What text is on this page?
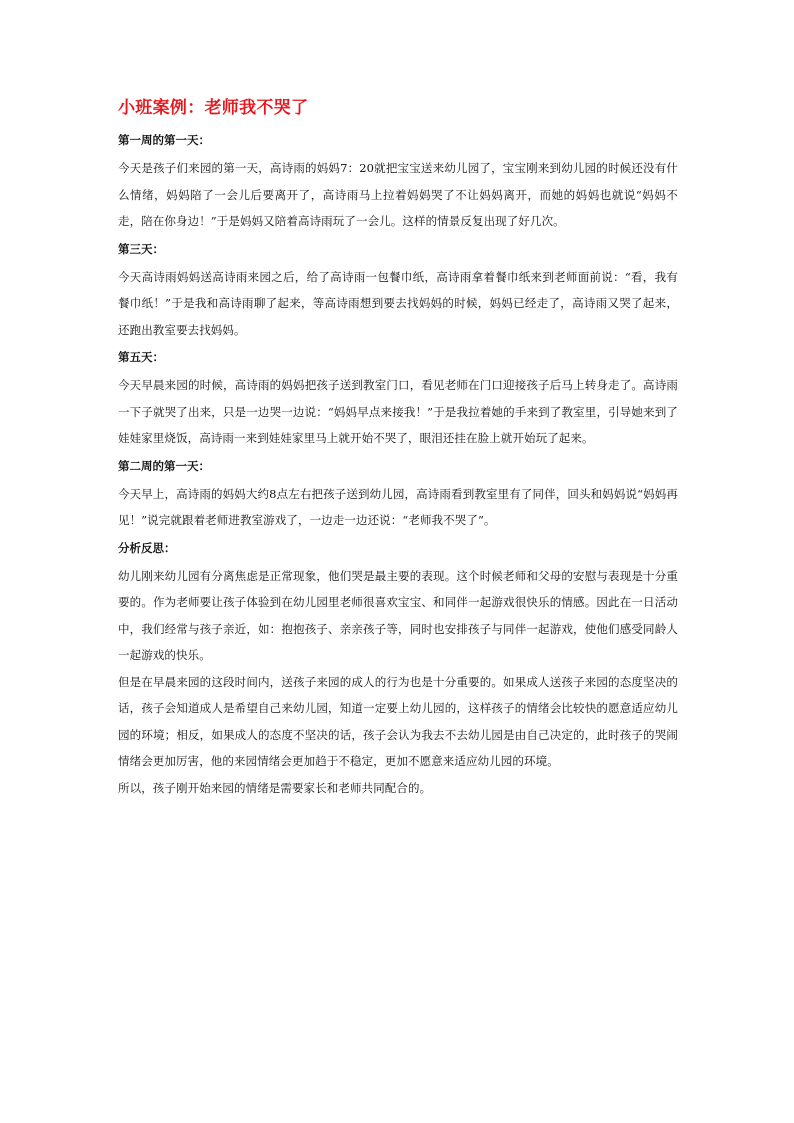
小班案例：老师我不哭了
第一周的第一天：

今天是孩子们来园的第一天，高诗雨的妈妈7：20就把宝宝送来幼儿园了，宝宝刚来到幼儿园的时候还没有什么情绪，妈妈陪了一会儿后要离开了，高诗雨马上拉着妈妈哭了不让妈妈离开，而她的妈妈也就说“妈妈不走，陪在你身边！”于是妈妈又陪着高诗雨玩了一会儿。这样的情景反复出现了好几次。

第三天：

今天高诗雨妈妈送高诗雨来园之后，给了高诗雨一包餐巾纸，高诗雨拿着餐巾纸来到老师面前说：“看，我有餐巾纸！”于是我和高诗雨聊了起来，等高诗雨想到要去找妈妈的时候，妈妈已经走了，高诗雨又哭了起来，还跑出教室要去找妈妈。

第五天：

今天早晨来园的时候，高诗雨的妈妈把孩子送到教室门口，看见老师在门口迎接孩子后马上转身走了。高诗雨一下子就哭了出来，只是一边哭一边说：“妈妈早点来接我！”于是我拉着她的手来到了教室里，引导她来到了娃娃家里烧饭，高诗雨一来到娃娃家里马上就开始不哭了，眼泪还挂在脸上就开始玩了起来。

第二周的第一天：

今天早上，高诗雨的妈妈大约8点左右把孩子送到幼儿园，高诗雨看到教室里有了同伴，回头和妈妈说“妈妈再见！”说完就跟着老师进教室游戏了，一边走一边还说：“老师我不哭了”。

分析反思：

幼儿刚来幼儿园有分离焦虑是正常现象，他们哭是最主要的表现。这个时候老师和父母的安慰与表现是十分重要的。作为老师要让孩子体验到在幼儿园里老师很喜欢宝宝、和同伴一起游戏很快乐的情感。因此在一日活动中，我们经常与孩子亲近，如：抱抱孩子、亲亲孩子等，同时也安排孩子与同伴一起游戏，使他们感受同龄人一起游戏的快乐。

但是在早晨来园的这段时间内，送孩子来园的成人的行为也是十分重要的。如果成人送孩子来园的态度坚决的话，孩子会知道成人是希望自己来幼儿园，知道一定要上幼儿园的，这样孩子的情绪会比较快的愿意适应幼儿园的环境；相反，如果成人的态度不坚决的话，孩子会认为我去不去幼儿园是由自己决定的，此时孩子的哭闹情绪会更加厉害，他的来园情绪会更加趋于不稳定，更加不愿意来适应幼儿园的环境。

所以，孩子刚开始来园的情绪是需要家长和老师共同配合的。
